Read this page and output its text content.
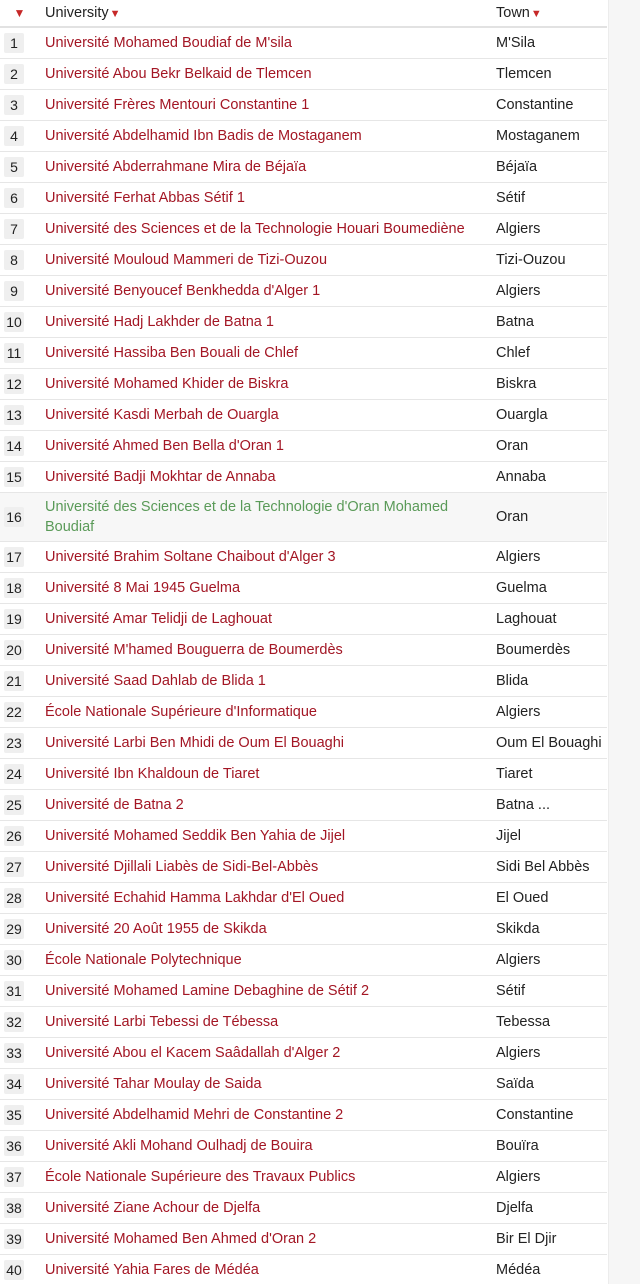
▼	University▼	Town▼
1	Université Mohamed Boudiaf de M'sila	M'Sila
2	Université Abou Bekr Belkaid de Tlemcen	Tlemcen
3	Université Frères Mentouri Constantine 1	Constantine
4	Université Abdelhamid Ibn Badis de Mostaganem	Mostaganem
5	Université Abderrahmane Mira de Béjaïa	Béjaïa
6	Université Ferhat Abbas Sétif 1	Sétif
7	Université des Sciences et de la Technologie Houari Boumediène	Algiers
8	Université Mouloud Mammeri de Tizi-Ouzou	Tizi-Ouzou
9	Université Benyoucef Benkhedda d'Alger 1	Algiers
10	Université Hadj Lakhder de Batna 1	Batna
11	Université Hassiba Ben Bouali de Chlef	Chlef
12	Université Mohamed Khider de Biskra	Biskra
13	Université Kasdi Merbah de Ouargla	Ouargla
14	Université Ahmed Ben Bella d'Oran 1	Oran
15	Université Badji Mokhtar de Annaba	Annaba
16	Université des Sciences et de la Technologie d'Oran Mohamed Boudiaf	Oran
17	Université Brahim Soltane Chaibout d'Alger 3	Algiers
18	Université 8 Mai 1945 Guelma	Guelma
19	Université Amar Telidji de Laghouat	Laghouat
20	Université M'hamed Bouguerra de Boumerdès	Boumerdès
21	Université Saad Dahlab de Blida 1	Blida
22	École Nationale Supérieure d'Informatique	Algiers
23	Université Larbi Ben Mhidi de Oum El Bouaghi	Oum El Bouaghi
24	Université Ibn Khaldoun de Tiaret	Tiaret
25	Université de Batna 2	Batna ...
26	Université Mohamed Seddik Ben Yahia de Jijel	Jijel
27	Université Djillali Liabès de Sidi-Bel-Abbès	Sidi Bel Abbès
28	Université Echahid Hamma Lakhdar d'El Oued	El Oued
29	Université 20 Août 1955 de Skikda	Skikda
30	École Nationale Polytechnique	Algiers
31	Université Mohamed Lamine Debaghine de Sétif 2	Sétif
32	Université Larbi Tebessi de Tébessa	Tebessa
33	Université Abou el Kacem Saâdallah d'Alger 2	Algiers
34	Université Tahar Moulay de Saida	Saïda
35	Université Abdelhamid Mehri de Constantine 2	Constantine
36	Université Akli Mohand Oulhadj de Bouira	Bouïra
37	École Nationale Supérieure des Travaux Publics	Algiers
38	Université Ziane Achour de Djelfa	Djelfa
39	Université Mohamed Ben Ahmed d'Oran 2	Bir El Djir
40	Université Yahia Fares de Médéa	Médéa
